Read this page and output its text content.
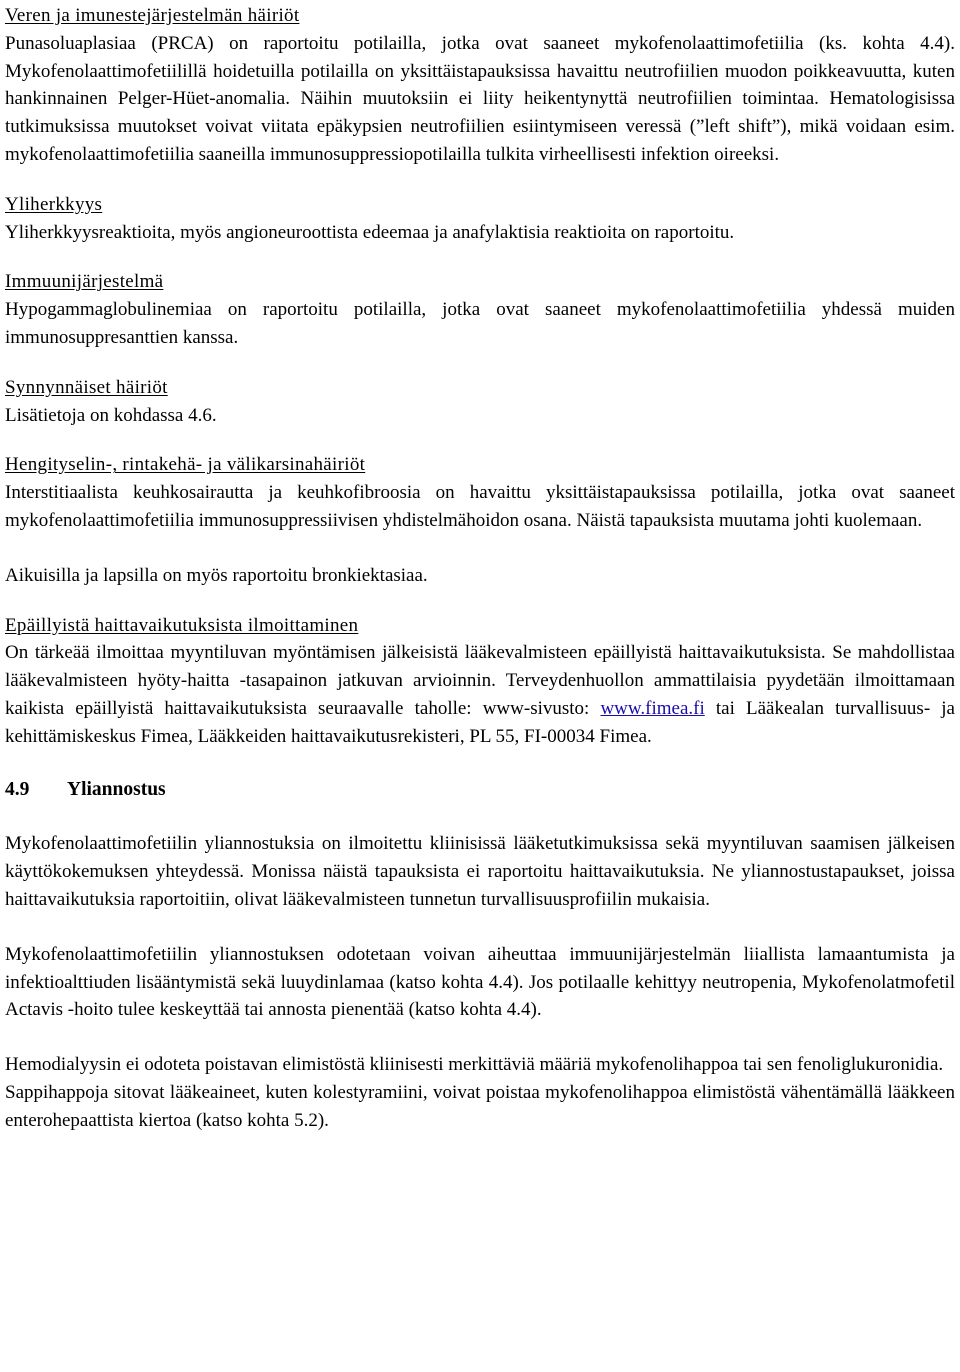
Veren ja imunestejärjestelmän häiriöt

Punasoluaplasiaa (PRCA) on raportoitu potilailla, jotka ovat saaneet mykofenolaattimofetiilia (ks. kohta 4.4). Mykofenolaattimofetiilillä hoidetuilla potilailla on yksittäistapauksissa havaittu neutrofiilien muodon poikkeavuutta, kuten hankinnainen Pelger-Hüet-anomalia. Näihin muutoksiin ei liity heikentynyttä neutrofiilien toimintaa. Hematologisissa tutkimuksissa muutokset voivat viitata epäkypsien neutrofiilien esiintymiseen veressä (”left shift”), mikä voidaan esim. mykofenolaattimofetiilia saaneilla immunosuppressiopotilailla tulkita virheellisesti infektion oireeksi.

Yliherkkyys

Yliherkkyysreaktioita, myös angioneuroottista edeemaa ja anafylaktisia reaktioita on raportoitu.

Immuunijärjestelmä

Hypogammaglobulinemiaa on raportoitu potilailla, jotka ovat saaneet mykofenolaattimofetiilia yhdessä muiden immunosuppresanttien kanssa.

Synnynnäiset häiriöt

Lisätietoja on kohdassa 4.6.

Hengityselin-, rintakehä- ja välikarsinahäiriöt

Interstitiaalista keuhkosairautta ja keuhkofibroosia on havaittu yksittäistapauksissa potilailla, jotka ovat saaneet mykofenolaattimofetiilia immunosuppressiivisen yhdistelmähoidon osana. Näistä tapauksista muutama johti kuolemaan.

Aikuisilla ja lapsilla on myös raportoitu bronkiektasiaa.

Epäillyistä haittavaikutuksista ilmoittaminen

On tärkeää ilmoittaa myyntiluvan myöntämisen jälkeisistä lääkevalmisteen epäillyistä haittavaikutuksista. Se mahdollistaa lääkevalmisteen hyöty-haitta -tasapainon jatkuvan arvioinnin. Terveydenhuollon ammattilaisia pyydetään ilmoittamaan kaikista epäillyistä haittavaikutuksista seuraavalle taholle: www-sivusto: www.fimea.fi tai Lääkealan turvallisuus- ja kehittämiskeskus Fimea, Lääkkeiden haittavaikutusrekisteri, PL 55, FI-00034 Fimea.

4.9 Yliannostus

Mykofenolaattimofetiilin yliannostuksia on ilmoitettu kliinisissä lääketutkimuksissa sekä myyntiluvan saamisen jälkeisen käyttökokemuksen yhteydessä. Monissa näistä tapauksista ei raportoitu haittavaikutuksia. Ne yliannostustapaukset, joissa haittavaikutuksia raportoitiin, olivat lääkevalmisteen tunnetun turvallisuusprofiilin mukaisia.

Mykofenolaattimofetiilin yliannostuksen odotetaan voivan aiheuttaa immuunijärjestelmän liiallista lamaantumista ja infektioalttiuden lisääntymistä sekä luuydinlamaa (katso kohta 4.4). Jos potilaalle kehittyy neutropenia, Mykofenolatmofetil Actavis -hoito tulee keskeyttää tai annosta pienentää (katso kohta 4.4).

Hemodialyysin ei odoteta poistavan elimistöstä kliinisesti merkittäviä määriä mykofenolihappoa tai sen fenoliglukuronidia.

Sappihappoja sitovat lääkeaineet, kuten kolestyramiini, voivat poistaa mykofenolihappoa elimistöstä vähentämällä lääkkeen enterohepaattista kiertoa (katso kohta 5.2).
